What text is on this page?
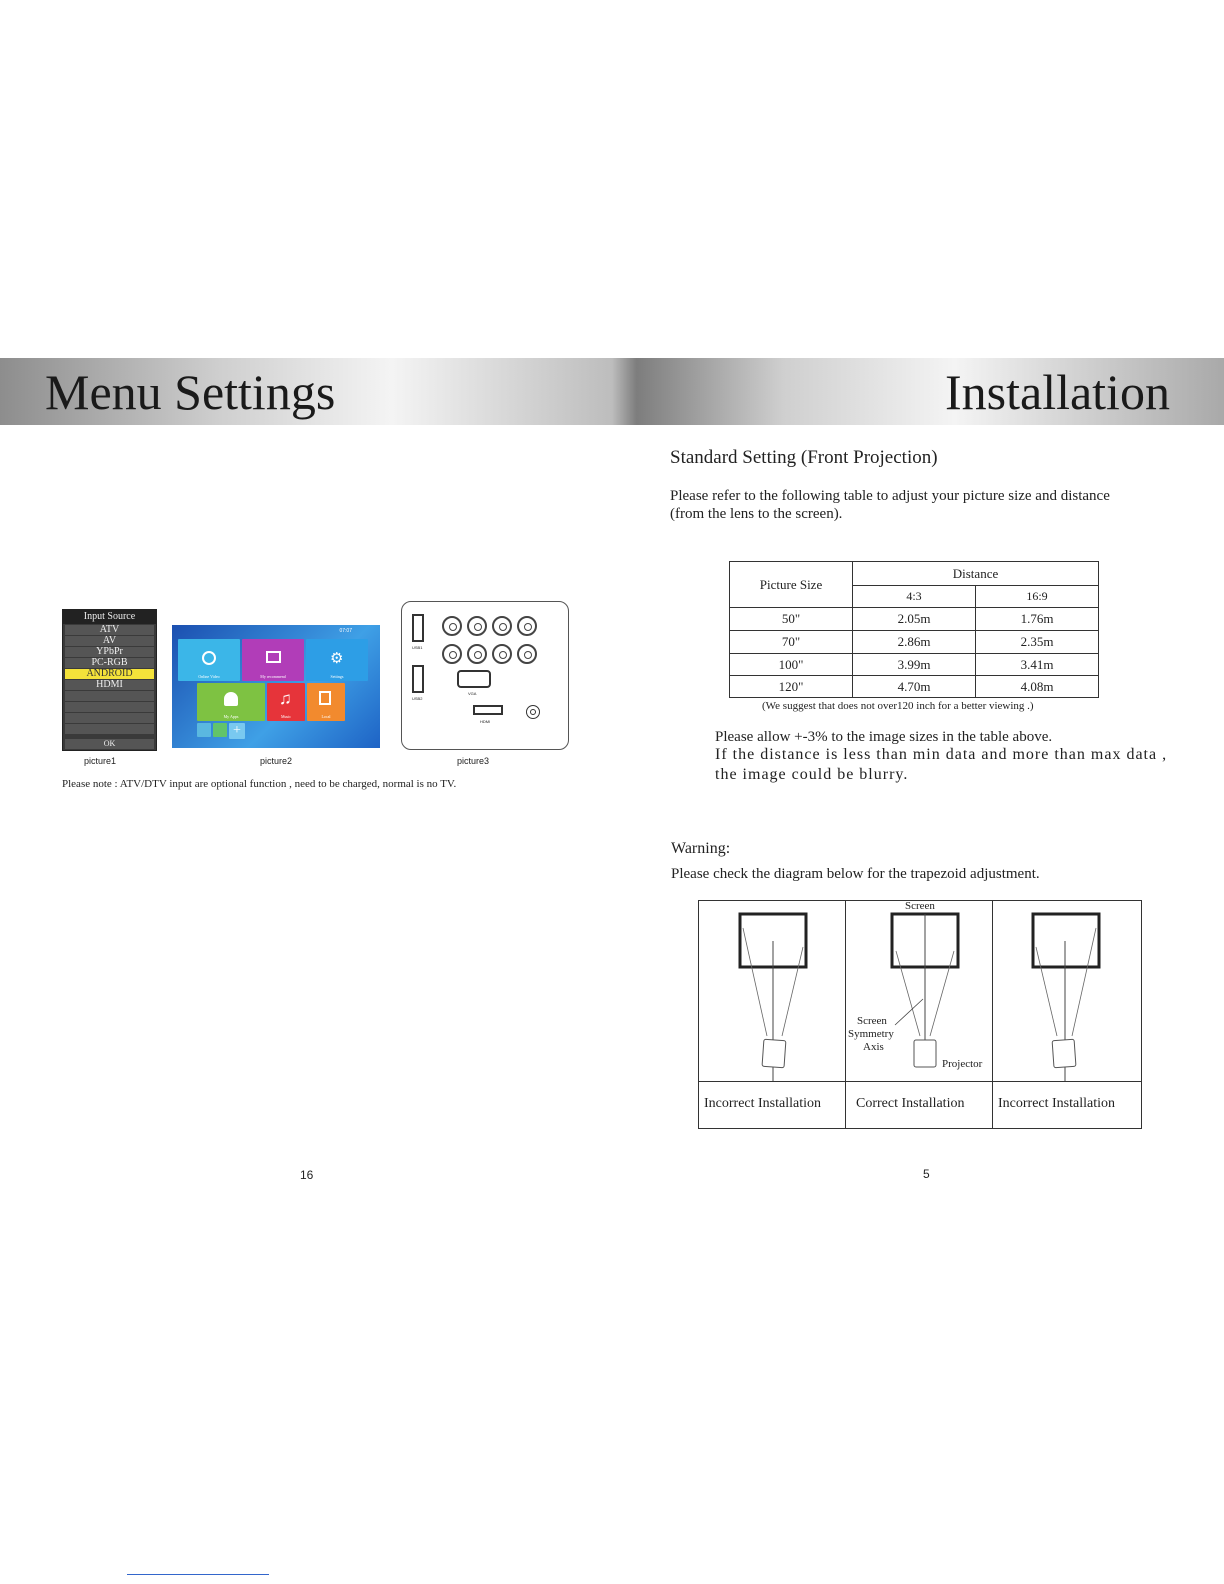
Menu Settings	Installation
Input Source
ATV
AV
YPbPr
PC-RGB
ANDROID
HDMI
OK
07:07
Online Video	My recommend
⚙
Settings
My Apps
♫
Music	Local
+
USB1
USB2
VGA
HDMI
picture1	picture2	picture3
Please note : ATV/DTV input are optional function , need to be charged, normal is no TV.
16
Standard Setting (Front Projection)
Please refer to the following table to adjust your picture size and distance
(from the lens to the screen).
Picture Size	Distance	
	4:3	16:9
50"	2.05m	1.76m
70"	2.86m	2.35m
100"	3.99m	3.41m
120"	4.70m	4.08m
(We suggest that does not over120 inch for a better viewing .)
Please allow +-3% to the image sizes in the table above.
If the distance is less than min data and more than max data ,
the image could be blurry.
Warning:
Please check the diagram below for the trapezoid adjustment.
Screen
Screen
Symmetry
Axis
Projector
Incorrect Installation Correct Installation Incorrect Installation
5
